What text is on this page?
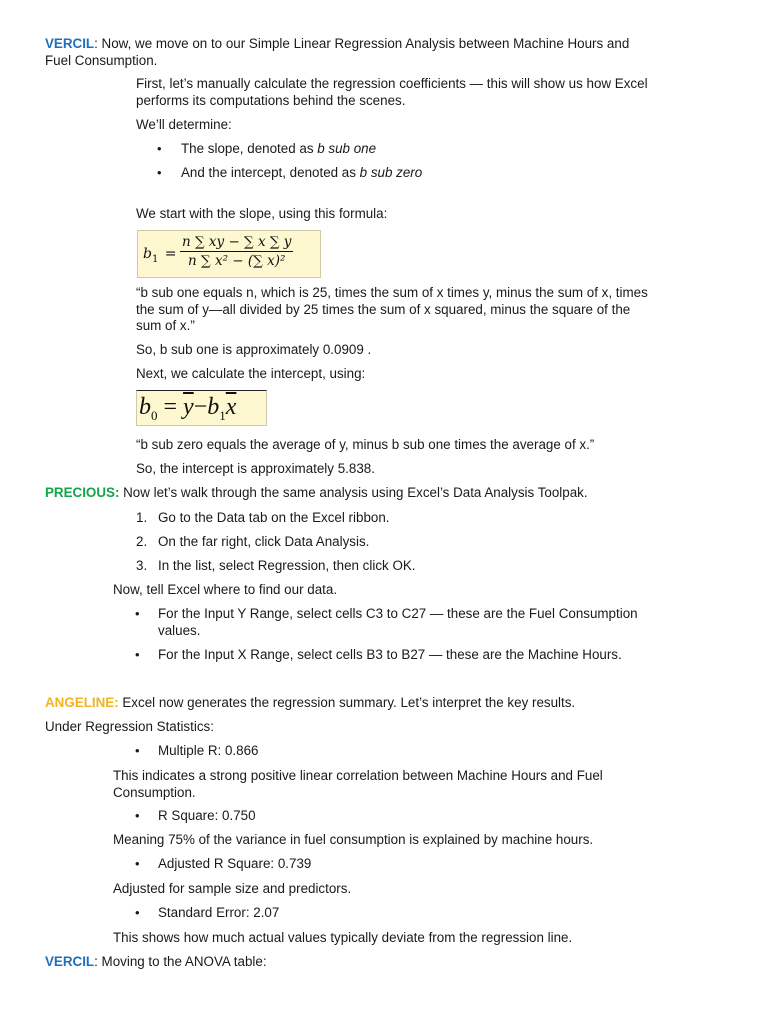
VERCIL: Now, we move on to our Simple Linear Regression Analysis between Machine Hours and
Fuel Consumption.

First, let’s manually calculate the regression coefficients — this will show us how Excel
performs its computations behind the scenes.

We’ll determine:

• The slope, denoted as b sub one

• And the intercept, denoted as b sub zero

We start with the slope, using this formula:

$b_1 = \frac{n \sum xy - \sum x \sum y}{\text{n ∑ x² − (∑ x)²}}$

“b sub one equals n, which is 25, times the sum of x times y, minus the sum of x, times
the sum of y—all divided by 25 times the sum of x squared, minus the square of the
sum of x.”

So, b sub one is approximately 0.0909 .

Next, we calculate the intercept, using:

$b_0 = \overline{y}-b_1\overline{x}$

“b sub zero equals the average of y, minus b sub one times the average of x.”

So, the intercept is approximately 5.838.

PRECIOUS: Now let’s walk through the same analysis using Excel’s Data Analysis Toolpak.

1. Go to the Data tab on the Excel ribbon.

2. On the far right, click Data Analysis.

3. In the list, select Regression, then click OK.

Now, tell Excel where to find our data.

• For the Input Y Range, select cells C3 to C27 — these are the Fuel Consumption
values.

• For the Input X Range, select cells B3 to B27 — these are the Machine Hours.

ANGELINE: Excel now generates the regression summary. Let’s interpret the key results.

Under Regression Statistics:

• Multiple R: 0.866

This indicates a strong positive linear correlation between Machine Hours and Fuel
Consumption.

• R Square: 0.750

Meaning 75% of the variance in fuel consumption is explained by machine hours.

• Adjusted R Square: 0.739

Adjusted for sample size and predictors.

• Standard Error: 2.07

This shows how much actual values typically deviate from the regression line.

VERCIL: Moving to the ANOVA table:
